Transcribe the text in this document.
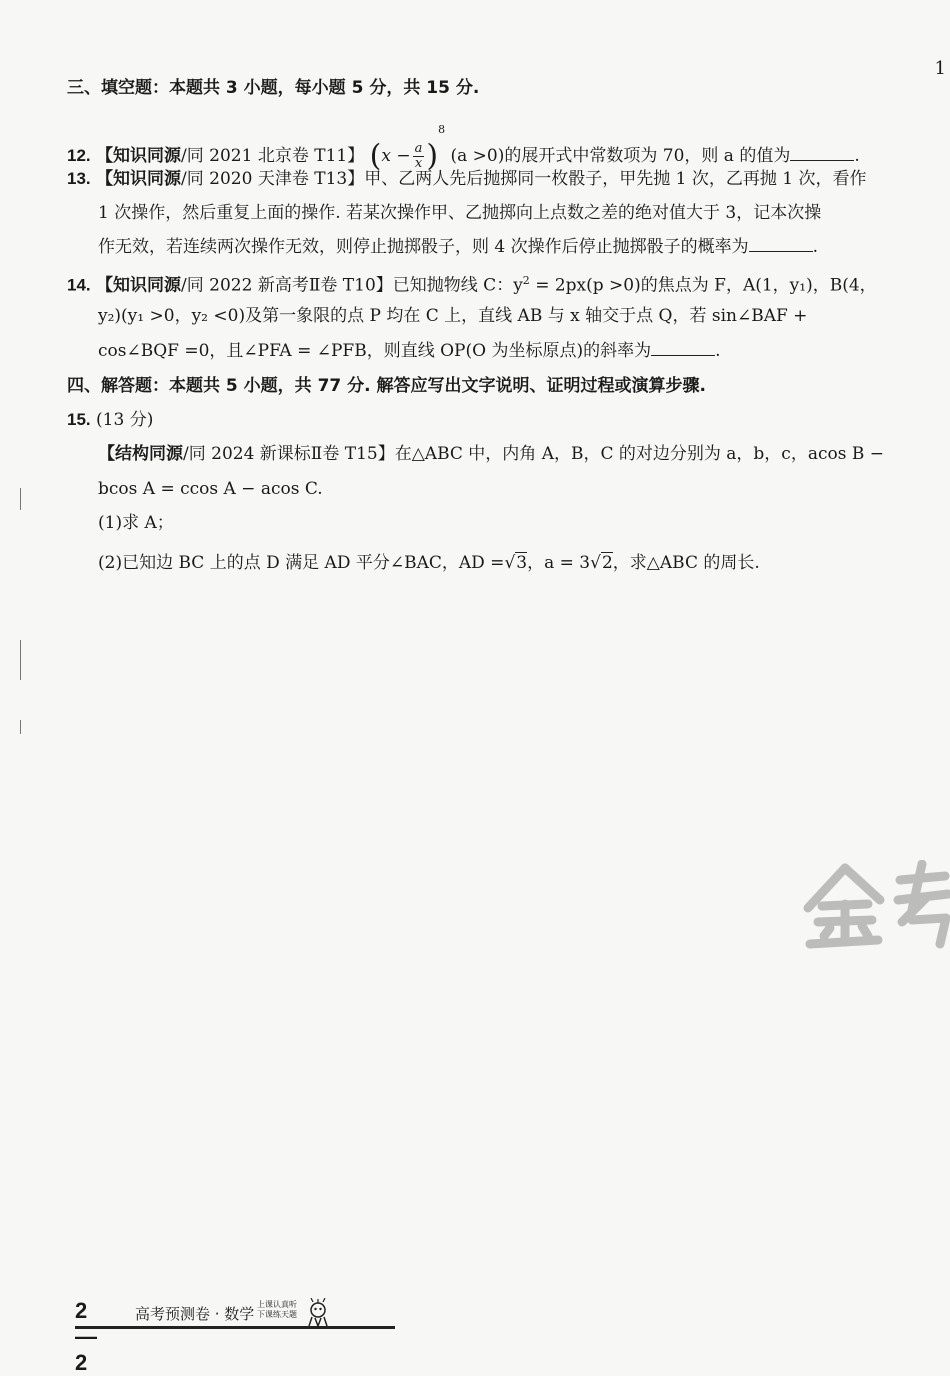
1
三、填空题：本题共 3 小题，每小题 5 分，共 15 分.
12. 【知识同源/同 2021 北京卷 T11】 $(x - \frac{a}{x} )^8$ (a >0)的展开式中常数项为 70，则 a 的值为	.
13. 【知识同源/同 2020 天津卷 T13】甲、乙两人先后抛掷同一枚骰子，甲先抛 1 次，乙再抛 1 次，看作
1 次操作，然后重复上面的操作. 若某次操作甲、乙抛掷向上点数之差的绝对值大于 3，记本次操
作无效，若连续两次操作无效，则停止抛掷骰子，则 4 次操作后停止抛掷骰子的概率为	.
14. 【知识同源/同 2022 新高考Ⅱ卷 T10】已知抛物线 C：$y^2 = 2px(p >0)$的焦点为 F，A(1，y₁)，B(4，
y₂)(y₁ >0，y₂ <0)及第一象限的点 P 均在 C 上，直线 AB 与 x 轴交于点 Q，若 sin∠BAF +
cos∠BQF =0，且∠PFA = ∠PFB，则直线 OP(O 为坐标原点)的斜率为	.
四、解答题：本题共 5 小题，共 77 分. 解答应写出文字说明、证明过程或演算步骤.
15. (13 分)
【结构同源/同 2024 新课标Ⅱ卷 T15】在△ABC 中，内角 A，B，C 的对边分别为 a，b，c，acos B −
bcos A = ccos A − acos C.
(1)求 A；
(2)已知边 BC 上的点 D 满足 AD 平分∠BAC，AD =√3，a = 3√2，求△ABC 的周长.
2—2
高考预测卷 · 数学
上课认真听
下课练天题
